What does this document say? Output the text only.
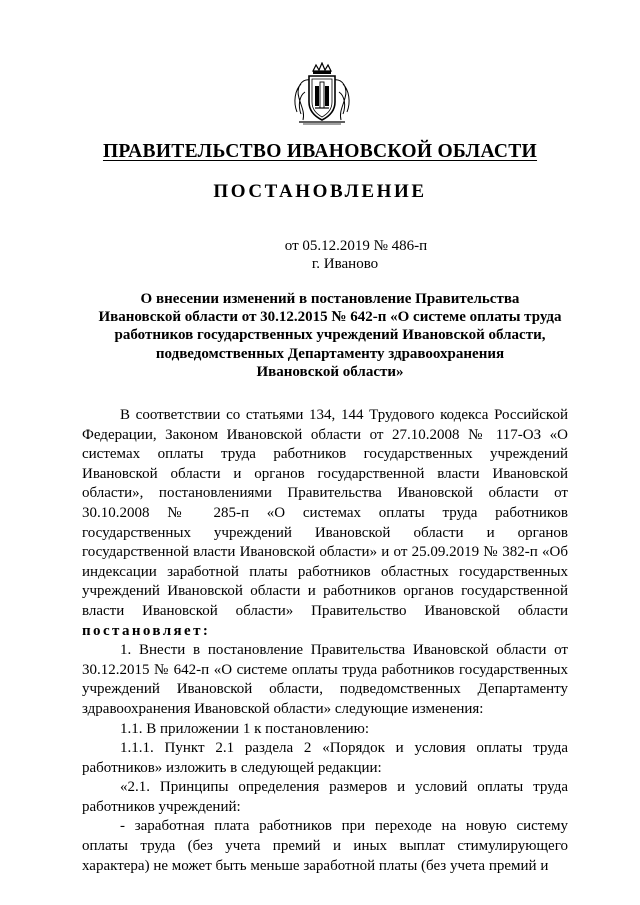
ПРАВИТЕЛЬСТВО ИВАНОВСКОЙ ОБЛАСТИ
ПОСТАНОВЛЕНИЕ
от 05.12.2019 № 486-п
г. Иваново
О внесении изменений в постановление Правительства
Ивановской области от 30.12.2015 № 642-п «О системе оплаты труда
работников государственных учреждений Ивановской области,
подведомственных Департаменту здравоохранения
Ивановской области»

В соответствии со статьями 134, 144 Трудового кодекса Российской Федерации, Законом Ивановской области от 27.10.2008 № 117-ОЗ «О системах оплаты труда работников государственных учреждений Ивановской области и органов государственной власти Ивановской области», постановлениями Правительства Ивановской области от 30.10.2008 № 285-п «О системах оплаты труда работников государственных учреждений Ивановской области и органов государственной власти Ивановской области» и от 25.09.2019 № 382-п «Об индексации заработной платы работников областных государственных учреждений Ивановской области и работников органов государственной власти Ивановской области» Правительство Ивановской области постановляет:

1. Внести в постановление Правительства Ивановской области от 30.12.2015 № 642-п «О системе оплаты труда работников государственных учреждений Ивановской области, подведомственных Департаменту здравоохранения Ивановской области» следующие изменения:

1.1. В приложении 1 к постановлению:

1.1.1. Пункт 2.1 раздела 2 «Порядок и условия оплаты труда работников» изложить в следующей редакции:

«2.1. Принципы определения размеров и условий оплаты труда работников учреждений:

- заработная плата работников при переходе на новую систему оплаты труда (без учета премий и иных выплат стимулирующего характера) не может быть меньше заработной платы (без учета премий и
